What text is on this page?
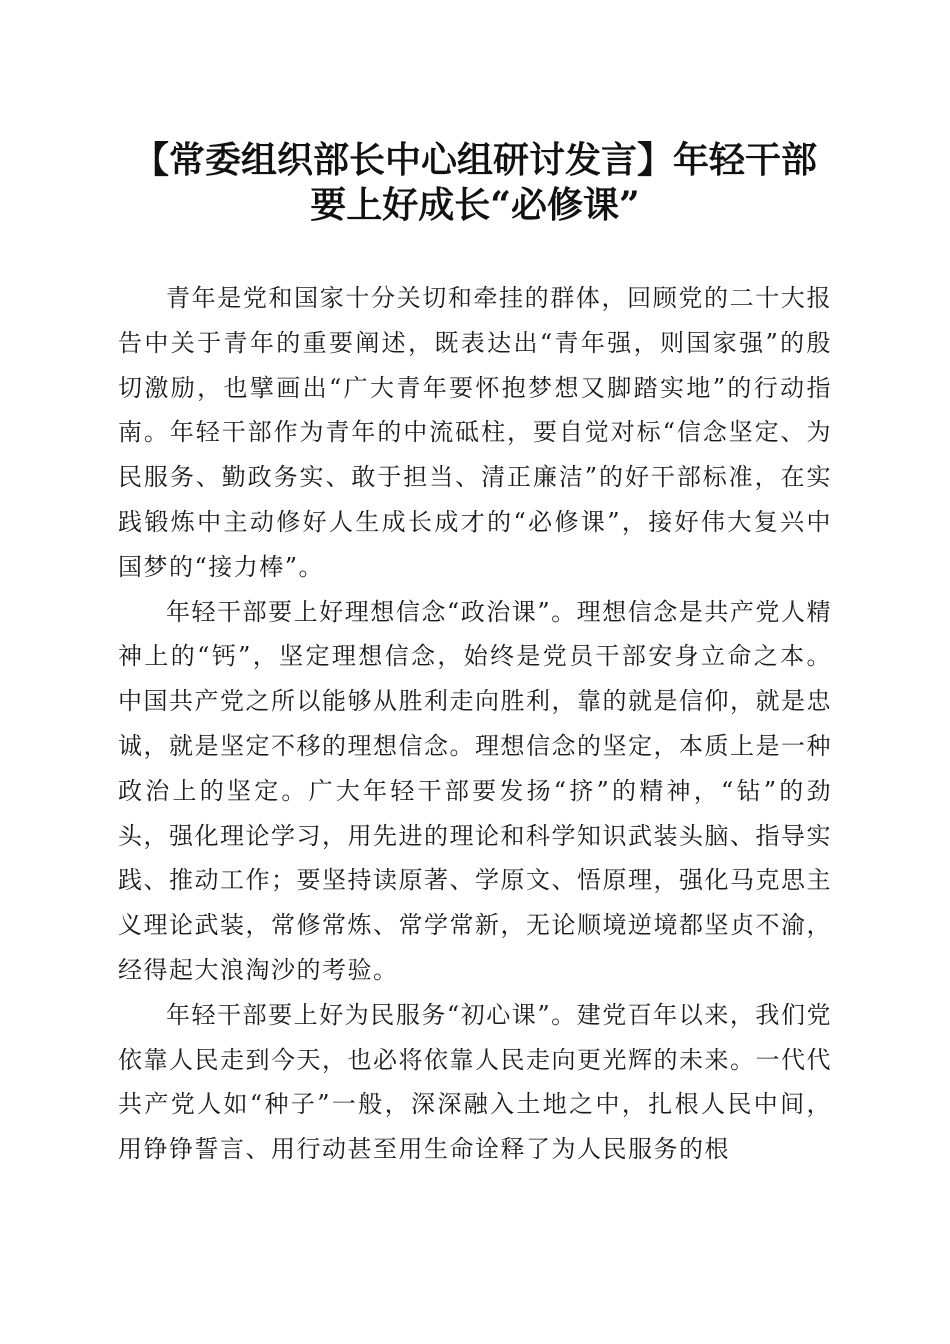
【常委组织部长中心组研讨发言】年轻干部要上好成长“必修课”

青年是党和国家十分关切和牵挂的群体，回顾党的二十大报告中关于青年的重要阐述，既表达出“青年强，则国家强”的殷切激励，也擘画出“广大青年要怀抱梦想又脚踏实地”的行动指南。年轻干部作为青年的中流砥柱，要自觉对标“信念坚定、为民服务、勤政务实、敢于担当、清正廉洁”的好干部标准，在实践锻炼中主动修好人生成长成才的“必修课”，接好伟大复兴中国梦的“接力棒”。

年轻干部要上好理想信念“政治课”。理想信念是共产党人精神上的“钙”，坚定理想信念，始终是党员干部安身立命之本。中国共产党之所以能够从胜利走向胜利，靠的就是信仰，就是忠诚，就是坚定不移的理想信念。理想信念的坚定，本质上是一种政治上的坚定。广大年轻干部要发扬“挤”的精神，“钻”的劲头，强化理论学习，用先进的理论和科学知识武装头脑、指导实践、推动工作；要坚持读原著、学原文、悟原理，强化马克思主义理论武装，常修常炼、常学常新，无论顺境逆境都坚贞不渝，经得起大浪淘沙的考验。

年轻干部要上好为民服务“初心课”。建党百年以来，我们党依靠人民走到今天，也必将依靠人民走向更光辉的未来。一代代共产党人如“种子”一般，深深融入土地之中，扎根人民中间，用铮铮誓言、用行动甚至用生命诠释了为人民服务的根
